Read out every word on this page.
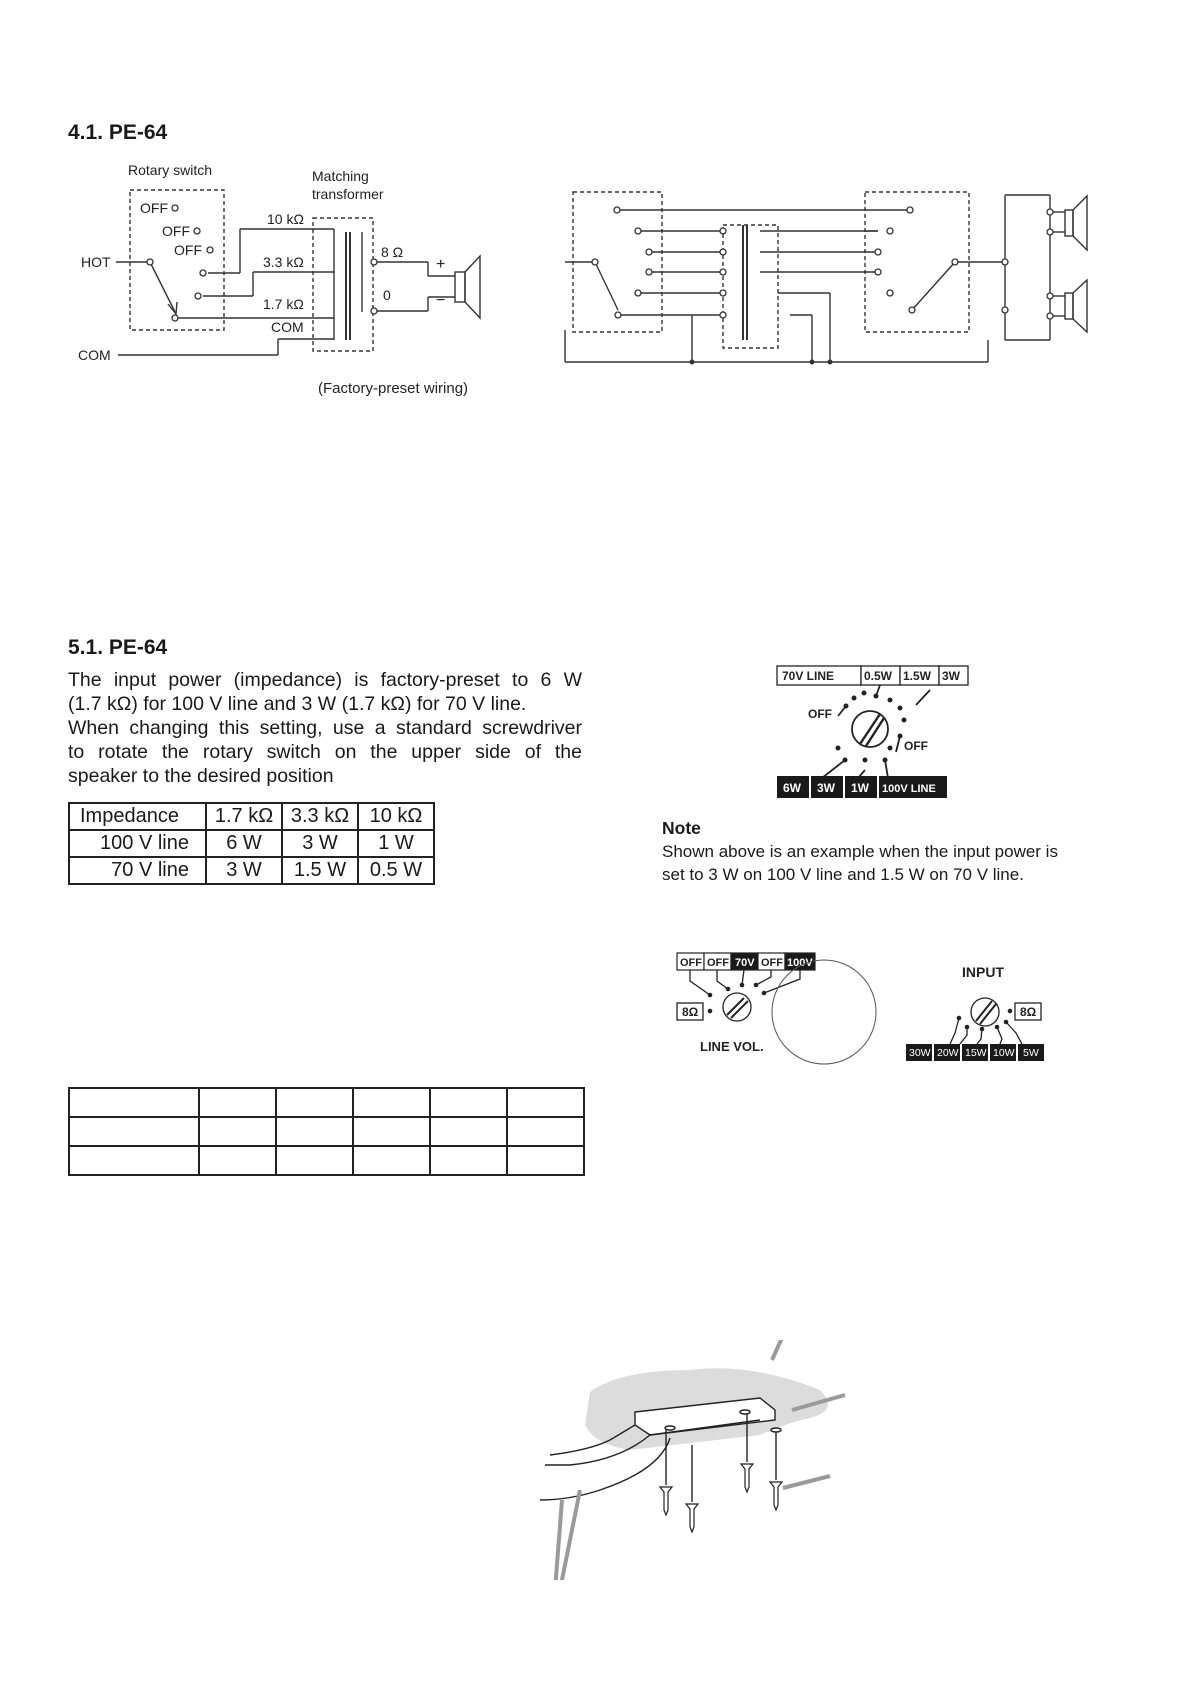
4.1. PE-64
Rotary switch	Matching
transformer
OFF
OFF
OFF
HOT
COM
10 kΩ
3.3 kΩ
1.7 kΩ
COM
8 Ω
0
+
−
(Factory-preset wiring)
5.1. PE-64

The input power (impedance) is factory-preset to 6 W

(1.7 kΩ) for 100 V line and 3 W (1.7 kΩ) for 70 V line.

When changing this setting, use a standard screwdriver

to rotate the rotary switch on the upper side of the

speaker to the desired position

Impedance	1.7 kΩ	3.3 kΩ	10 kΩ
100 V line	6 W	3 W	1 W
70 V line	3 W	1.5 W	0.5 W
70V LINE 0.5W 1.5W 3W
OFF
OFF
6W 3W 1W 100V LINE
Note
Shown above is an example when the input power is
set to 3 W on 100 V line and 1.5 W on 70 V line.
OFF OFF 70V OFF 100V
8Ω
LINE VOL.
INPUT
8Ω
30W 20W 15W 10W 5W
